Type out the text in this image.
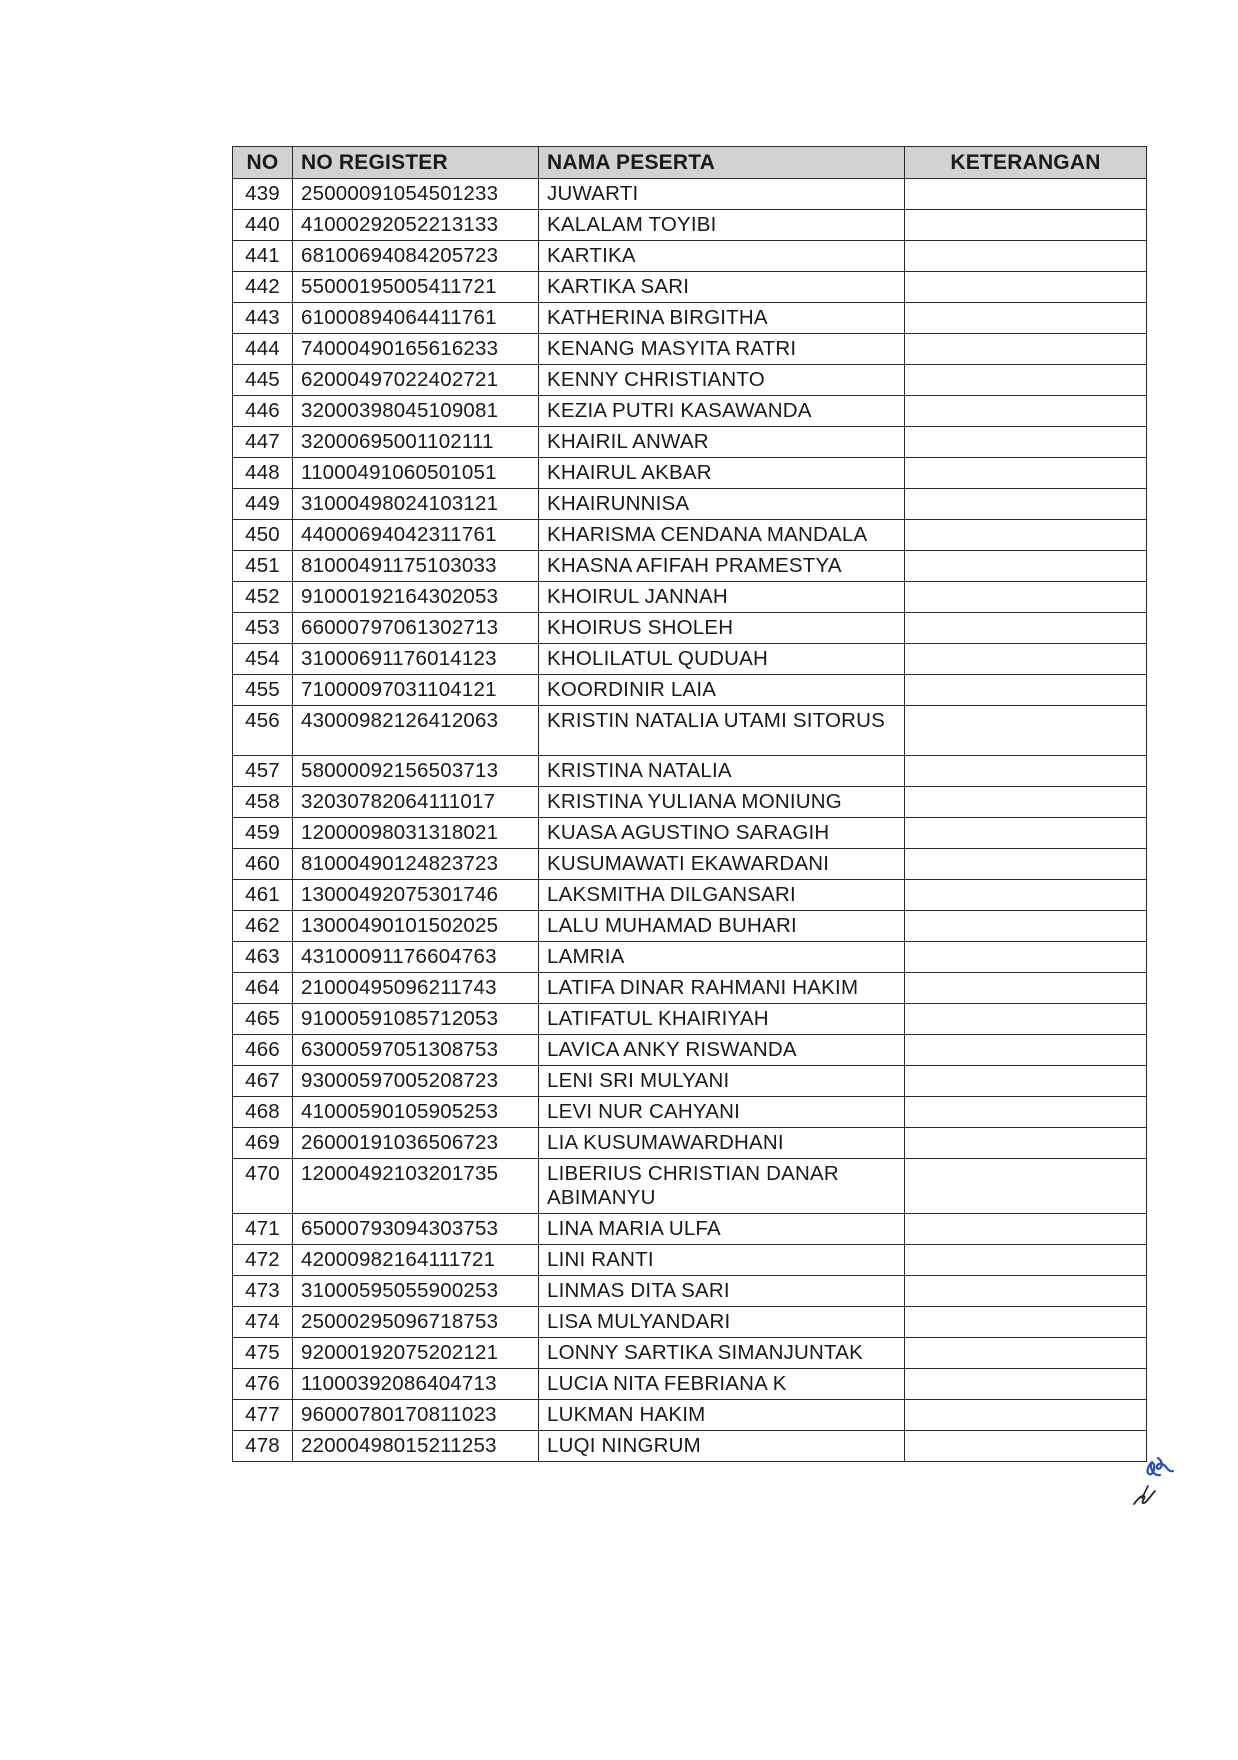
NO	NO REGISTER	NAMA PESERTA	KETERANGAN
439	25000091054501233	JUWARTI	
440	41000292052213133	KALALAM TOYIBI	
441	68100694084205723	KARTIKA	
442	55000195005411721	KARTIKA SARI	
443	61000894064411761	KATHERINA BIRGITHA	
444	74000490165616233	KENANG MASYITA RATRI	
445	62000497022402721	KENNY CHRISTIANTO	
446	32000398045109081	KEZIA PUTRI KASAWANDA	
447	32000695001102111	KHAIRIL ANWAR	
448	11000491060501051	KHAIRUL AKBAR	
449	31000498024103121	KHAIRUNNISA	
450	44000694042311761	KHARISMA CENDANA MANDALA	
451	81000491175103033	KHASNA AFIFAH PRAMESTYA	
452	91000192164302053	KHOIRUL JANNAH	
453	66000797061302713	KHOIRUS SHOLEH	
454	31000691176014123	KHOLILATUL QUDUAH	
455	71000097031104121	KOORDINIR LAIA	
456	43000982126412063	KRISTIN NATALIA UTAMI SITORUS	
457	58000092156503713	KRISTINA NATALIA	
458	32030782064111017	KRISTINA YULIANA MONIUNG	
459	12000098031318021	KUASA AGUSTINO SARAGIH	
460	81000490124823723	KUSUMAWATI EKAWARDANI	
461	13000492075301746	LAKSMITHA DILGANSARI	
462	13000490101502025	LALU MUHAMAD BUHARI	
463	43100091176604763	LAMRIA	
464	21000495096211743	LATIFA DINAR RAHMANI HAKIM	
465	91000591085712053	LATIFATUL KHAIRIYAH	
466	63000597051308753	LAVICA ANKY RISWANDA	
467	93000597005208723	LENI SRI MULYANI	
468	41000590105905253	LEVI NUR CAHYANI	
469	26000191036506723	LIA KUSUMAWARDHANI	
470	12000492103201735	LIBERIUS CHRISTIAN DANAR ABIMANYU	
471	65000793094303753	LINA MARIA ULFA	
472	42000982164111721	LINI RANTI	
473	31000595055900253	LINMAS DITA SARI	
474	25000295096718753	LISA MULYANDARI	
475	92000192075202121	LONNY SARTIKA SIMANJUNTAK	
476	11000392086404713	LUCIA NITA FEBRIANA K	
477	96000780170811023	LUKMAN HAKIM	
478	22000498015211253	LUQI NINGRUM	
